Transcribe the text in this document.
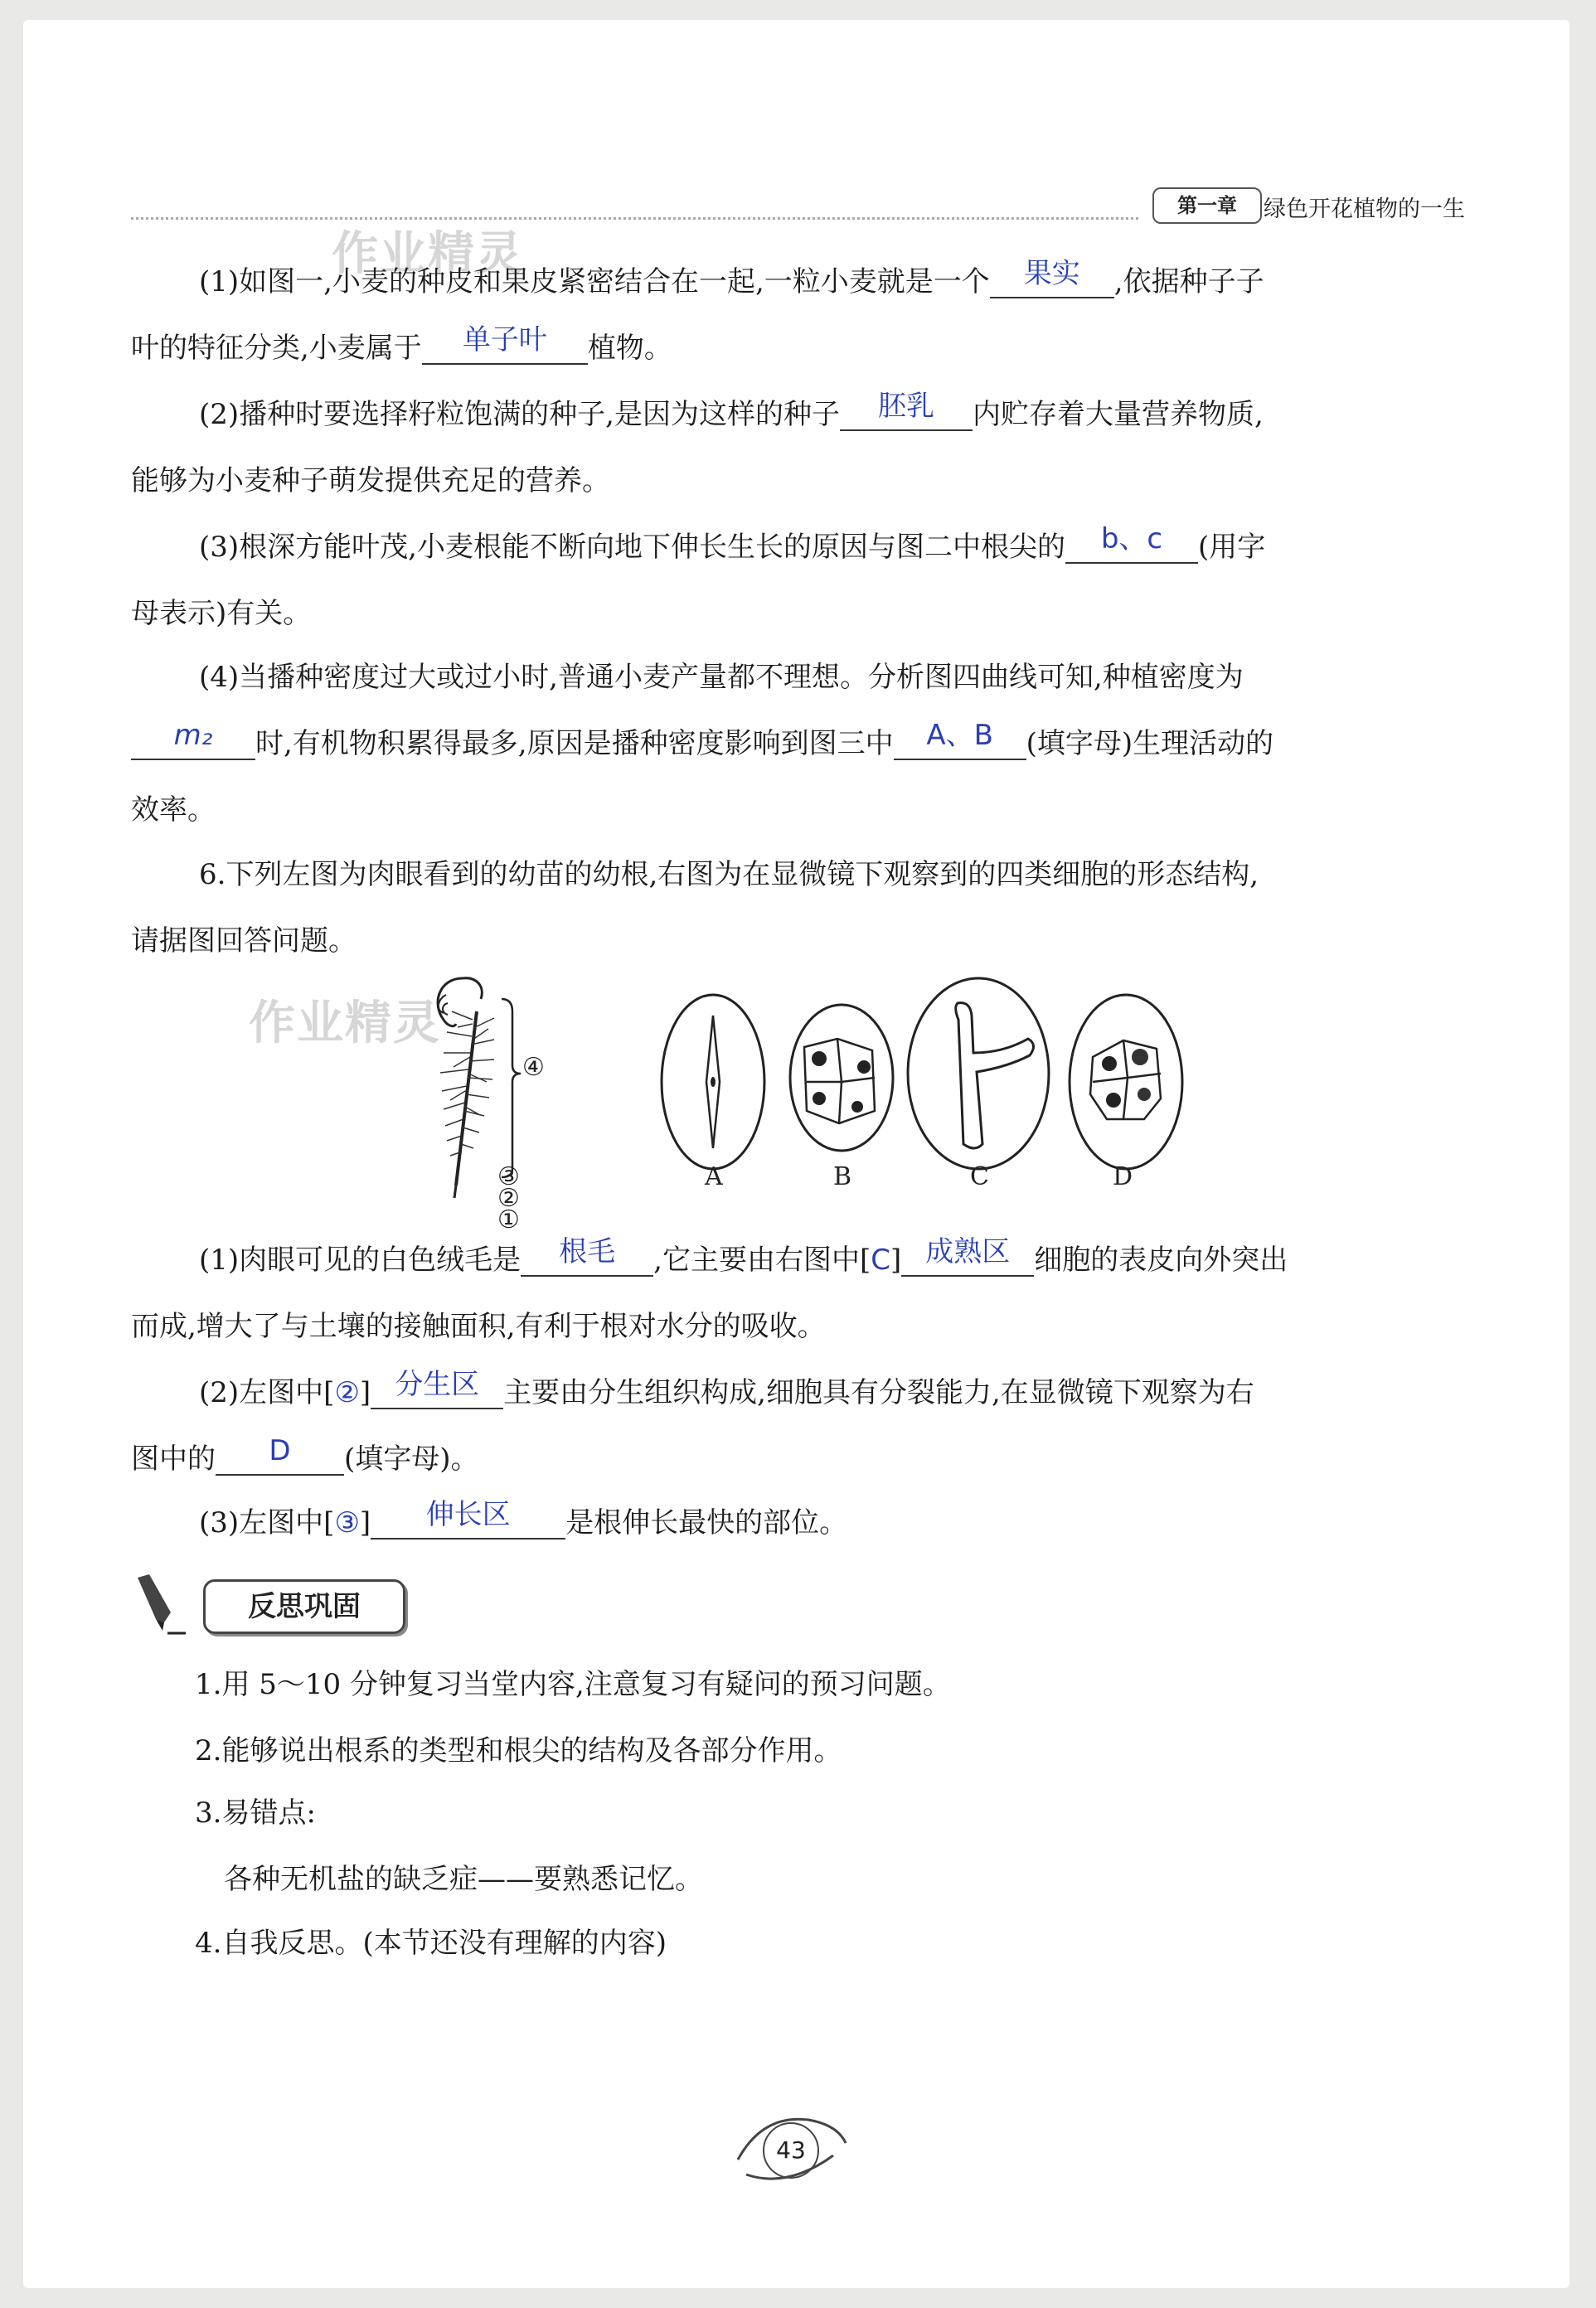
第一章	绿色开花植物的一生
作业精灵
作业精灵
(1)如图一,小麦的种皮和果皮紧密结合在一起,一粒小麦就是一个 果实 ,依据种子子
叶的特征分类,小麦属于 单子叶 植物。
(2)播种时要选择籽粒饱满的种子,是因为这样的种子 胚乳 内贮存着大量营养物质,
能够为小麦种子萌发提供充足的营养。
(3)根深方能叶茂,小麦根能不断向地下伸长生长的原因与图二中根尖的 b、c (用字
母表示)有关。
(4)当播种密度过大或过小时,普通小麦产量都不理想。分析图四曲线可知,种植密度为
m₂ 时,有机物积累得最多,原因是播种密度影响到图三中 A、B (填字母)生理活动的
效率。
6.下列左图为肉眼看到的幼苗的幼根,右图为在显微镜下观察到的四类细胞的形态结构,
请据图回答问题。
④
③
②
①
A	B	C	D
(1)肉眼可见的白色绒毛是 根毛 ,它主要由右图中[C] 成熟区 细胞的表皮向外突出
而成,增大了与土壤的接触面积,有利于根对水分的吸收。
(2)左图中[②] 分生区 主要由分生组织构成,细胞具有分裂能力,在显微镜下观察为右
图中的 D (填字母)。
(3)左图中[③] 伸长区 是根伸长最快的部位。
反思巩固
1.用 5～10 分钟复习当堂内容,注意复习有疑问的预习问题。
2.能够说出根系的类型和根尖的结构及各部分作用。
3.易错点:
各种无机盐的缺乏症——要熟悉记忆。
4.自我反思。(本节还没有理解的内容)
43
